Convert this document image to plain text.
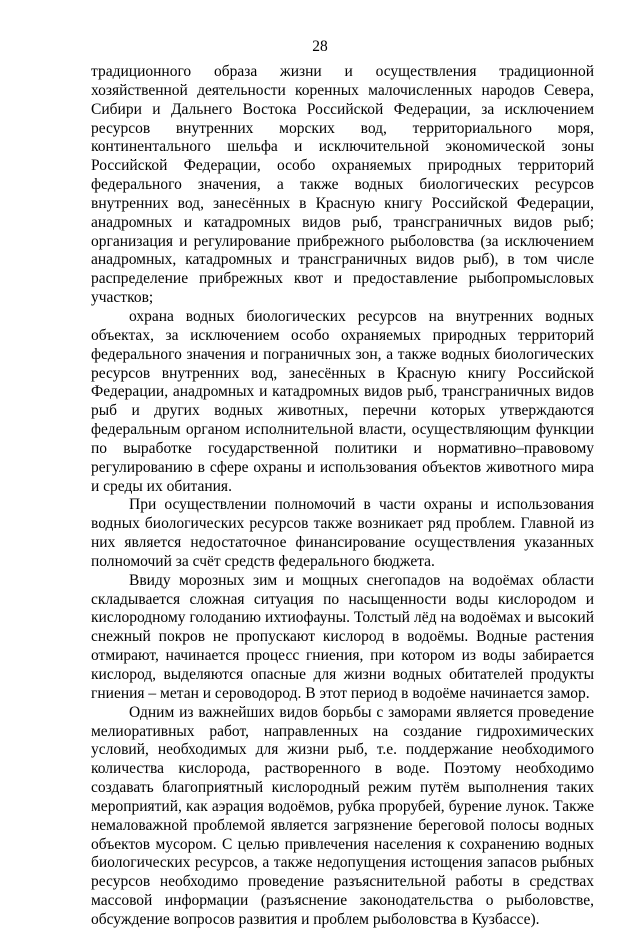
28

традиционного образа жизни и осуществления традиционной хозяйственной деятельности коренных малочисленных народов Севера, Сибири и Дальнего Востока Российской Федерации, за исключением ресурсов внутренних морских вод, территориального моря, континентального шельфа и исключительной экономической зоны Российской Федерации, особо охраняемых природных территорий федерального значения, а также водных биологических ресурсов внутренних вод, занесённых в Красную книгу Российской Федерации, анадромных и катадромных видов рыб, трансграничных видов рыб; организация и регулирование прибрежного рыболовства (за исключением анадромных, катадромных и трансграничных видов рыб), в том числе распределение прибрежных квот и предоставление рыбопромысловых участков;

охрана водных биологических ресурсов на внутренних водных объектах, за исключением особо охраняемых природных территорий федерального значения и пограничных зон, а также водных биологических ресурсов внутренних вод, занесённых в Красную книгу Российской Федерации, анадромных и катадромных видов рыб, трансграничных видов рыб и других водных животных, перечни которых утверждаются федеральным органом исполнительной власти, осуществляющим функции по выработке государственной политики и нормативно–правовому регулированию в сфере охраны и использования объектов животного мира и среды их обитания.

При осуществлении полномочий в части охраны и использования водных биологических ресурсов также возникает ряд проблем. Главной из них является недостаточное финансирование осуществления указанных полномочий за счёт средств федерального бюджета.

Ввиду морозных зим и мощных снегопадов на водоёмах области складывается сложная ситуация по насыщенности воды кислородом и кислородному голоданию ихтиофауны. Толстый лёд на водоёмах и высокий снежный покров не пропускают кислород в водоёмы. Водные растения отмирают, начинается процесс гниения, при котором из воды забирается кислород, выделяются опасные для жизни водных обитателей продукты гниения – метан и сероводород. В этот период в водоёме начинается замор.

Одним из важнейших видов борьбы с заморами является проведение мелиоративных работ, направленных на создание гидрохимических условий, необходимых для жизни рыб, т.е. поддержание необходимого количества кислорода, растворенного в воде. Поэтому необходимо создавать благоприятный кислородный режим путём выполнения таких мероприятий, как аэрация водоёмов, рубка прорубей, бурение лунок. Также немаловажной проблемой является загрязнение береговой полосы водных объектов мусором. С целью привлечения населения к сохранению водных биологических ресурсов, а также недопущения истощения запасов рыбных ресурсов необходимо проведение разъяснительной работы в средствах массовой информации (разъяснение законодательства о рыболовстве, обсуждение вопросов развития и проблем рыболовства в Кузбассе).
